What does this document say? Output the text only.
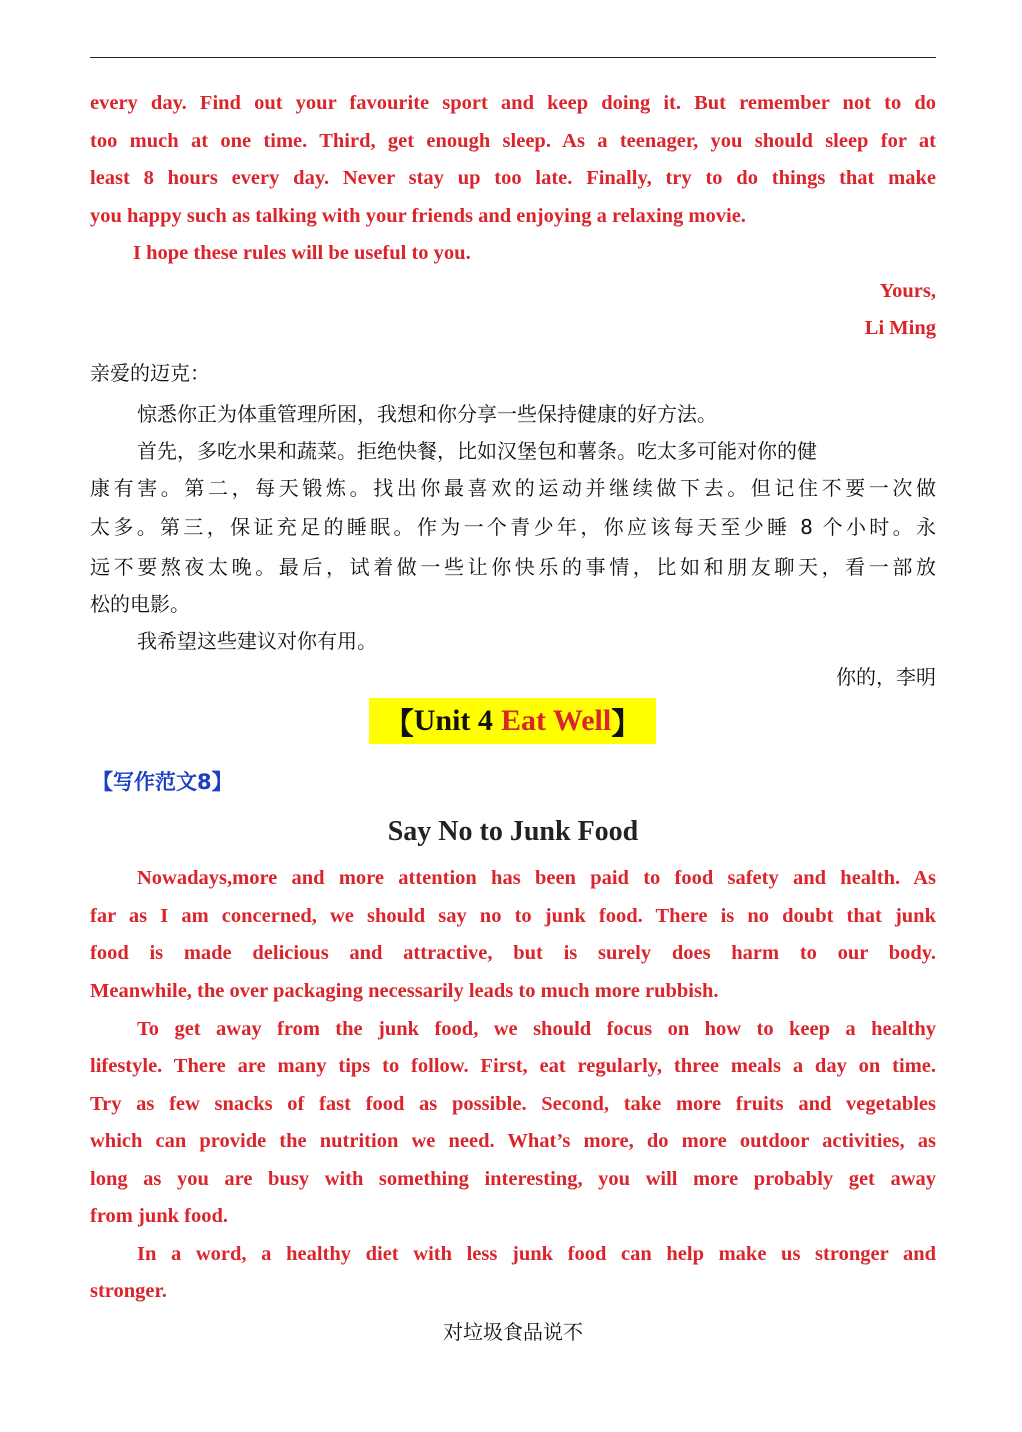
every day. Find out your favourite sport and keep doing it. But remember not to do
too much at one time. Third, get enough sleep. As a teenager, you should sleep for at
least 8 hours every day. Never stay up too late. Finally, try to do things that make
you happy such as talking with your friends and enjoying a relaxing movie.
I hope these rules will be useful to you.
Yours,
Li Ming
亲爱的迈克：
惊悉你正为体重管理所困，我想和你分享一些保持健康的好方法。
首先，多吃水果和蔬菜。拒绝快餐，比如汉堡包和薯条。吃太多可能对你的健
康有害。第二，每天锻炼。找出你最喜欢的运动并继续做下去。但记住不要一次做
太多。第三，保证充足的睡眠。作为一个青少年，你应该每天至少睡 8 个小时。永
远不要熬夜太晚。最后，试着做一些让你快乐的事情，比如和朋友聊天，看一部放
松的电影。
我希望这些建议对你有用。
你的，李明
【 Unit 4 Eat Well 】
【写作范文8】
Say No to Junk Food
Nowadays,more and more attention has been paid to food safety and health. As
far as I am concerned, we should say no to junk food. There is no doubt that junk
food is made delicious and attractive, but is surely does harm to our body.
Meanwhile, the over packaging necessarily leads to much more rubbish.
To get away from the junk food, we should focus on how to keep a healthy
lifestyle. There are many tips to follow. First, eat regularly, three meals a day on time.
Try as few snacks of fast food as possible. Second, take more fruits and vegetables
which can provide the nutrition we need. What’s more, do more outdoor activities, as
long as you are busy with something interesting, you will more probably get away
from junk food.
In a word, a healthy diet with less junk food can help make us stronger and
stronger.
对垃圾食品说不
